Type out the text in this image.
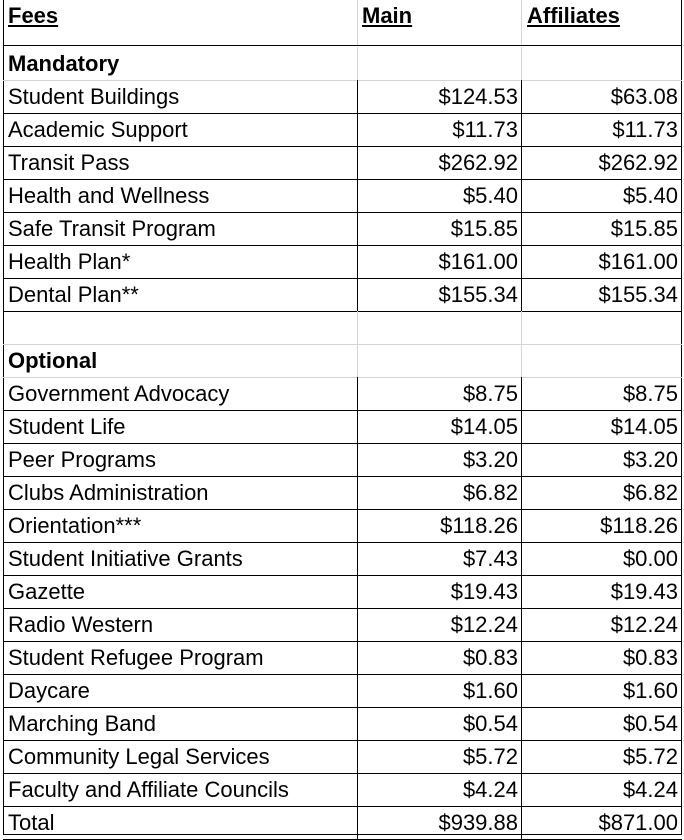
Fees	Main	Affiliates
Mandatory
Student Buildings	$124.53	$63.08
Academic Support	$11.73	$11.73
Transit Pass	$262.92	$262.92
Health and Wellness	$5.40	$5.40
Safe Transit Program	$15.85	$15.85
Health Plan*	$161.00	$161.00
Dental Plan**	$155.34	$155.34
Optional
Government Advocacy	$8.75	$8.75
Student Life	$14.05	$14.05
Peer Programs	$3.20	$3.20
Clubs Administration	$6.82	$6.82
Orientation***	$118.26	$118.26
Student Initiative Grants	$7.43	$0.00
Gazette	$19.43	$19.43
Radio Western	$12.24	$12.24
Student Refugee Program	$0.83	$0.83
Daycare	$1.60	$1.60
Marching Band	$0.54	$0.54
Community Legal Services	$5.72	$5.72
Faculty and Affiliate Councils	$4.24	$4.24
Total	$939.88	$871.00
